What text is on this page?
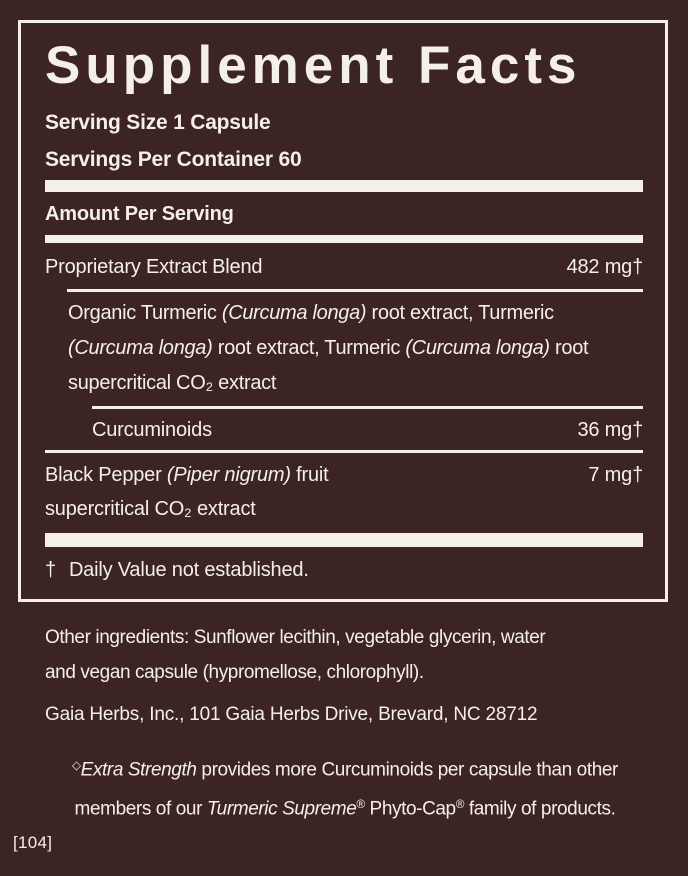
Supplement Facts
Serving Size 1 Capsule
Servings Per Container 60
Amount Per Serving
Proprietary Extract Blend	482 mg†
Organic Turmeric (Curcuma longa) root extract, Turmeric
(Curcuma longa) root extract, Turmeric (Curcuma longa) root
supercritical CO₂ extract
Curcuminoids	36 mg†
Black Pepper (Piper nigrum) fruit	7 mg†
supercritical CO₂ extract
† Daily Value not established.
Other ingredients: Sunflower lecithin, vegetable glycerin, water
and vegan capsule (hypromellose, chlorophyll).
Gaia Herbs, Inc., 101 Gaia Herbs Drive, Brevard, NC 28712
◇Extra Strength provides more Curcuminoids per capsule than other
members of our Turmeric Supreme® Phyto-Cap® family of products.
[104]
